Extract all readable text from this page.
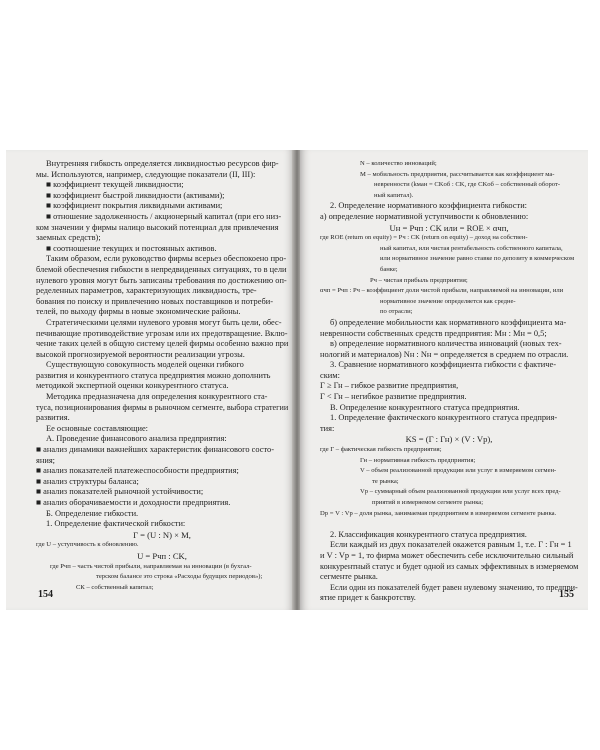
Внутренняя гибкость определяется ликвидностью ресурсов фир-
мы. Используются, например, следующие показатели (II, III):
■ коэффициент текущей ликвидности;
■ коэффициент быстрой ликвидности (активами);
■ коэффициент покрытия ликвидными активами;
■ отношение задолженность / акционерный капитал (при его низ-
ком значении у фирмы налицо высокий потенциал для привлечения
заемных средств);
■ соотношение текущих и постоянных активов.
Таким образом, если руководство фирмы всерьез обеспокоено про-
блемой обеспечения гибкости в непредвиденных ситуациях, то в цели
нулевого уровня могут быть записаны требования по достижению оп-
ределенных параметров, характеризующих ликвидность, тре-
бования по поиску и привлечению новых поставщиков и потреби-
телей, по выходу фирмы в новые экономические районы.
Стратегическими целями нулевого уровня могут быть цели, обес-
печивающие противодействие угрозам или их предотвращение. Вклю-
чение таких целей в общую систему целей фирмы особенно важно при
высокой прогнозируемой вероятности реализации угрозы.
Существующую совокупность моделей оценки гибкого
развития и конкурентного статуса предприятия можно дополнить
методикой экспертной оценки конкурентного статуса.
Методика предназначена для определения конкурентного ста-
туса, позиционирования фирмы в рыночном сегменте, выбора стратегии
развития.
Ее основные составляющие:
А. Проведение финансового анализа предприятия:
■ анализ динамики важнейших характеристик финансового состо-
яния;
■ анализ показателей платежеспособности предприятия;
■ анализ структуры баланса;
■ анализ показателей рыночной устойчивости;
■ анализ оборачиваемости и доходности предприятия.
Б. Определение гибкости.
1. Определение фактической гибкости:
Г = (U : N) × M,
где U – уступчивость к обновлению.
U = Pчп : CK,
где Pчп – часть чистой прибыли, направляемая на инновации (в бухгал-
терском балансе это строка «Расходы будущих периодов»);
СК – собственный капитал;
154
N – количество инноваций;
M – мобильность предприятия, рассчитывается как коэффициент ма-
невренности (kман = CKоб : CK, где CKоб – собственный оборот-
ный капитал).
2. Определение нормативного коэффициента гибкости:
а) определение нормативной уступчивости к обновлению:
Uн = Pчп : CK или = ROE × αчп,
где ROE (return on equity) = Pч : CK (return on equity) – доход на собствен-
ный капитал, или чистая рентабельность собственного капитала,
или нормативное значение равно ставке по депозиту в коммерческом
банке;
Pч – чистая прибыль предприятия;
αчп = Pчп : Pч – коэффициент доли чистой прибыли, направляемой на инновации, или
нормативное значение определяется как средне-
по отрасли;
б) определение мобильности как нормативного коэффициента ма-
невренности собственных средств предприятия: Mн : Mн = 0,5;
в) определение нормативного количества инноваций (новых тех-
нологий и материалов) Nн : Nн = определяется в среднем по отрасли.
3. Сравнение нормативного коэффициента гибкости с фактиче-
ским:
Г ≥ Гн – гибкое развитие предприятия,
Г < Гн – негибкое развитие предприятия.
В. Определение конкурентного статуса предприятия.
1. Определение фактического конкурентного статуса предприя-
тия:
KS = (Г : Гн) × (V : Vр),
где Г – фактическая гибкость предприятия;
Гн – нормативная гибкость предприятия;
V – объем реализованной продукции или услуг в измеряемом сегмен-
те рынка;
Vр – суммарный объем реализованной продукции или услуг всех пред-
приятий в измеряемом сегменте рынка;
Dр = V : Vр – доля рынка, занимаемая предприятием в измеряемом сегменте рынка.
2. Классификация конкурентного статуса предприятия.
Если каждый из двух показателей окажется равным 1, т.е. Г : Гн = 1
и V : Vр = 1, то фирма может обеспечить себе исключительно сильный
конкурентный статус и будет одной из самых эффективных в измеряемом
сегменте рынка.
Если один из показателей будет равен нулевому значению, то предпри-
ятие придет к банкротству.	155
